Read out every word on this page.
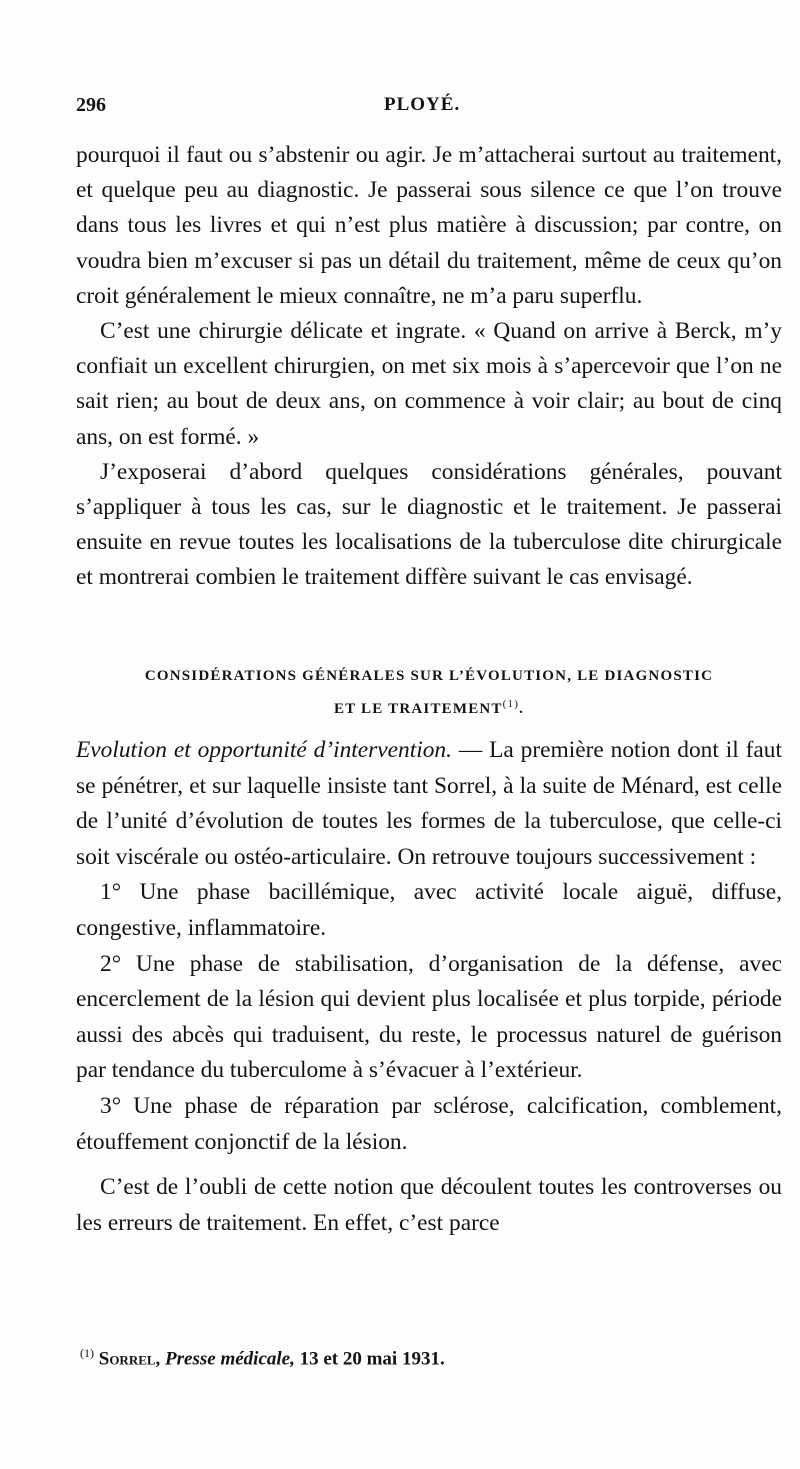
296	PLOYÉ.

pourquoi il faut ou s’abstenir ou agir. Je m’attacherai surtout au traitement, et quelque peu au diagnostic. Je passerai sous silence ce que l’on trouve dans tous les livres et qui n’est plus matière à discussion; par contre, on voudra bien m’excuser si pas un détail du traitement, même de ceux qu’on croit généralement le mieux connaître, ne m’a paru superflu.

C’est une chirurgie délicate et ingrate. « Quand on arrive à Berck, m’y confiait un excellent chirurgien, on met six mois à s’apercevoir que l’on ne sait rien; au bout de deux ans, on commence à voir clair; au bout de cinq ans, on est formé. »

J’exposerai d’abord quelques considérations générales, pouvant s’appliquer à tous les cas, sur le diagnostic et le traitement. Je passerai ensuite en revue toutes les localisations de la tuberculose dite chirurgicale et montrerai combien le traitement diffère suivant le cas envisagé.

CONSIDÉRATIONS GÉNÉRALES SUR L’ÉVOLUTION, LE DIAGNOSTIC
ET LE TRAITEMENT$^{(1)}$.

Evolution et opportunité d’intervention. — La première notion dont il faut se pénétrer, et sur laquelle insiste tant Sorrel, à la suite de Ménard, est celle de l’unité d’évolution de toutes les formes de la tuberculose, que celle-ci soit viscérale ou ostéo-articulaire. On retrouve toujours successivement :

1° Une phase bacillémique, avec activité locale aiguë, diffuse, congestive, inflammatoire.

2° Une phase de stabilisation, d’organisation de la défense, avec encerclement de la lésion qui devient plus localisée et plus torpide, période aussi des abcès qui traduisent, du reste, le processus naturel de guérison par tendance du tuberculome à s’évacuer à l’extérieur.

3° Une phase de réparation par sclérose, calcification, comblement, étouffement conjonctif de la lésion.

C’est de l’oubli de cette notion que découlent toutes les controverses ou les erreurs de traitement. En effet, c’est parce

$^{(1)}$ Sorrel, Presse médicale, 13 et 20 mai 1931.
